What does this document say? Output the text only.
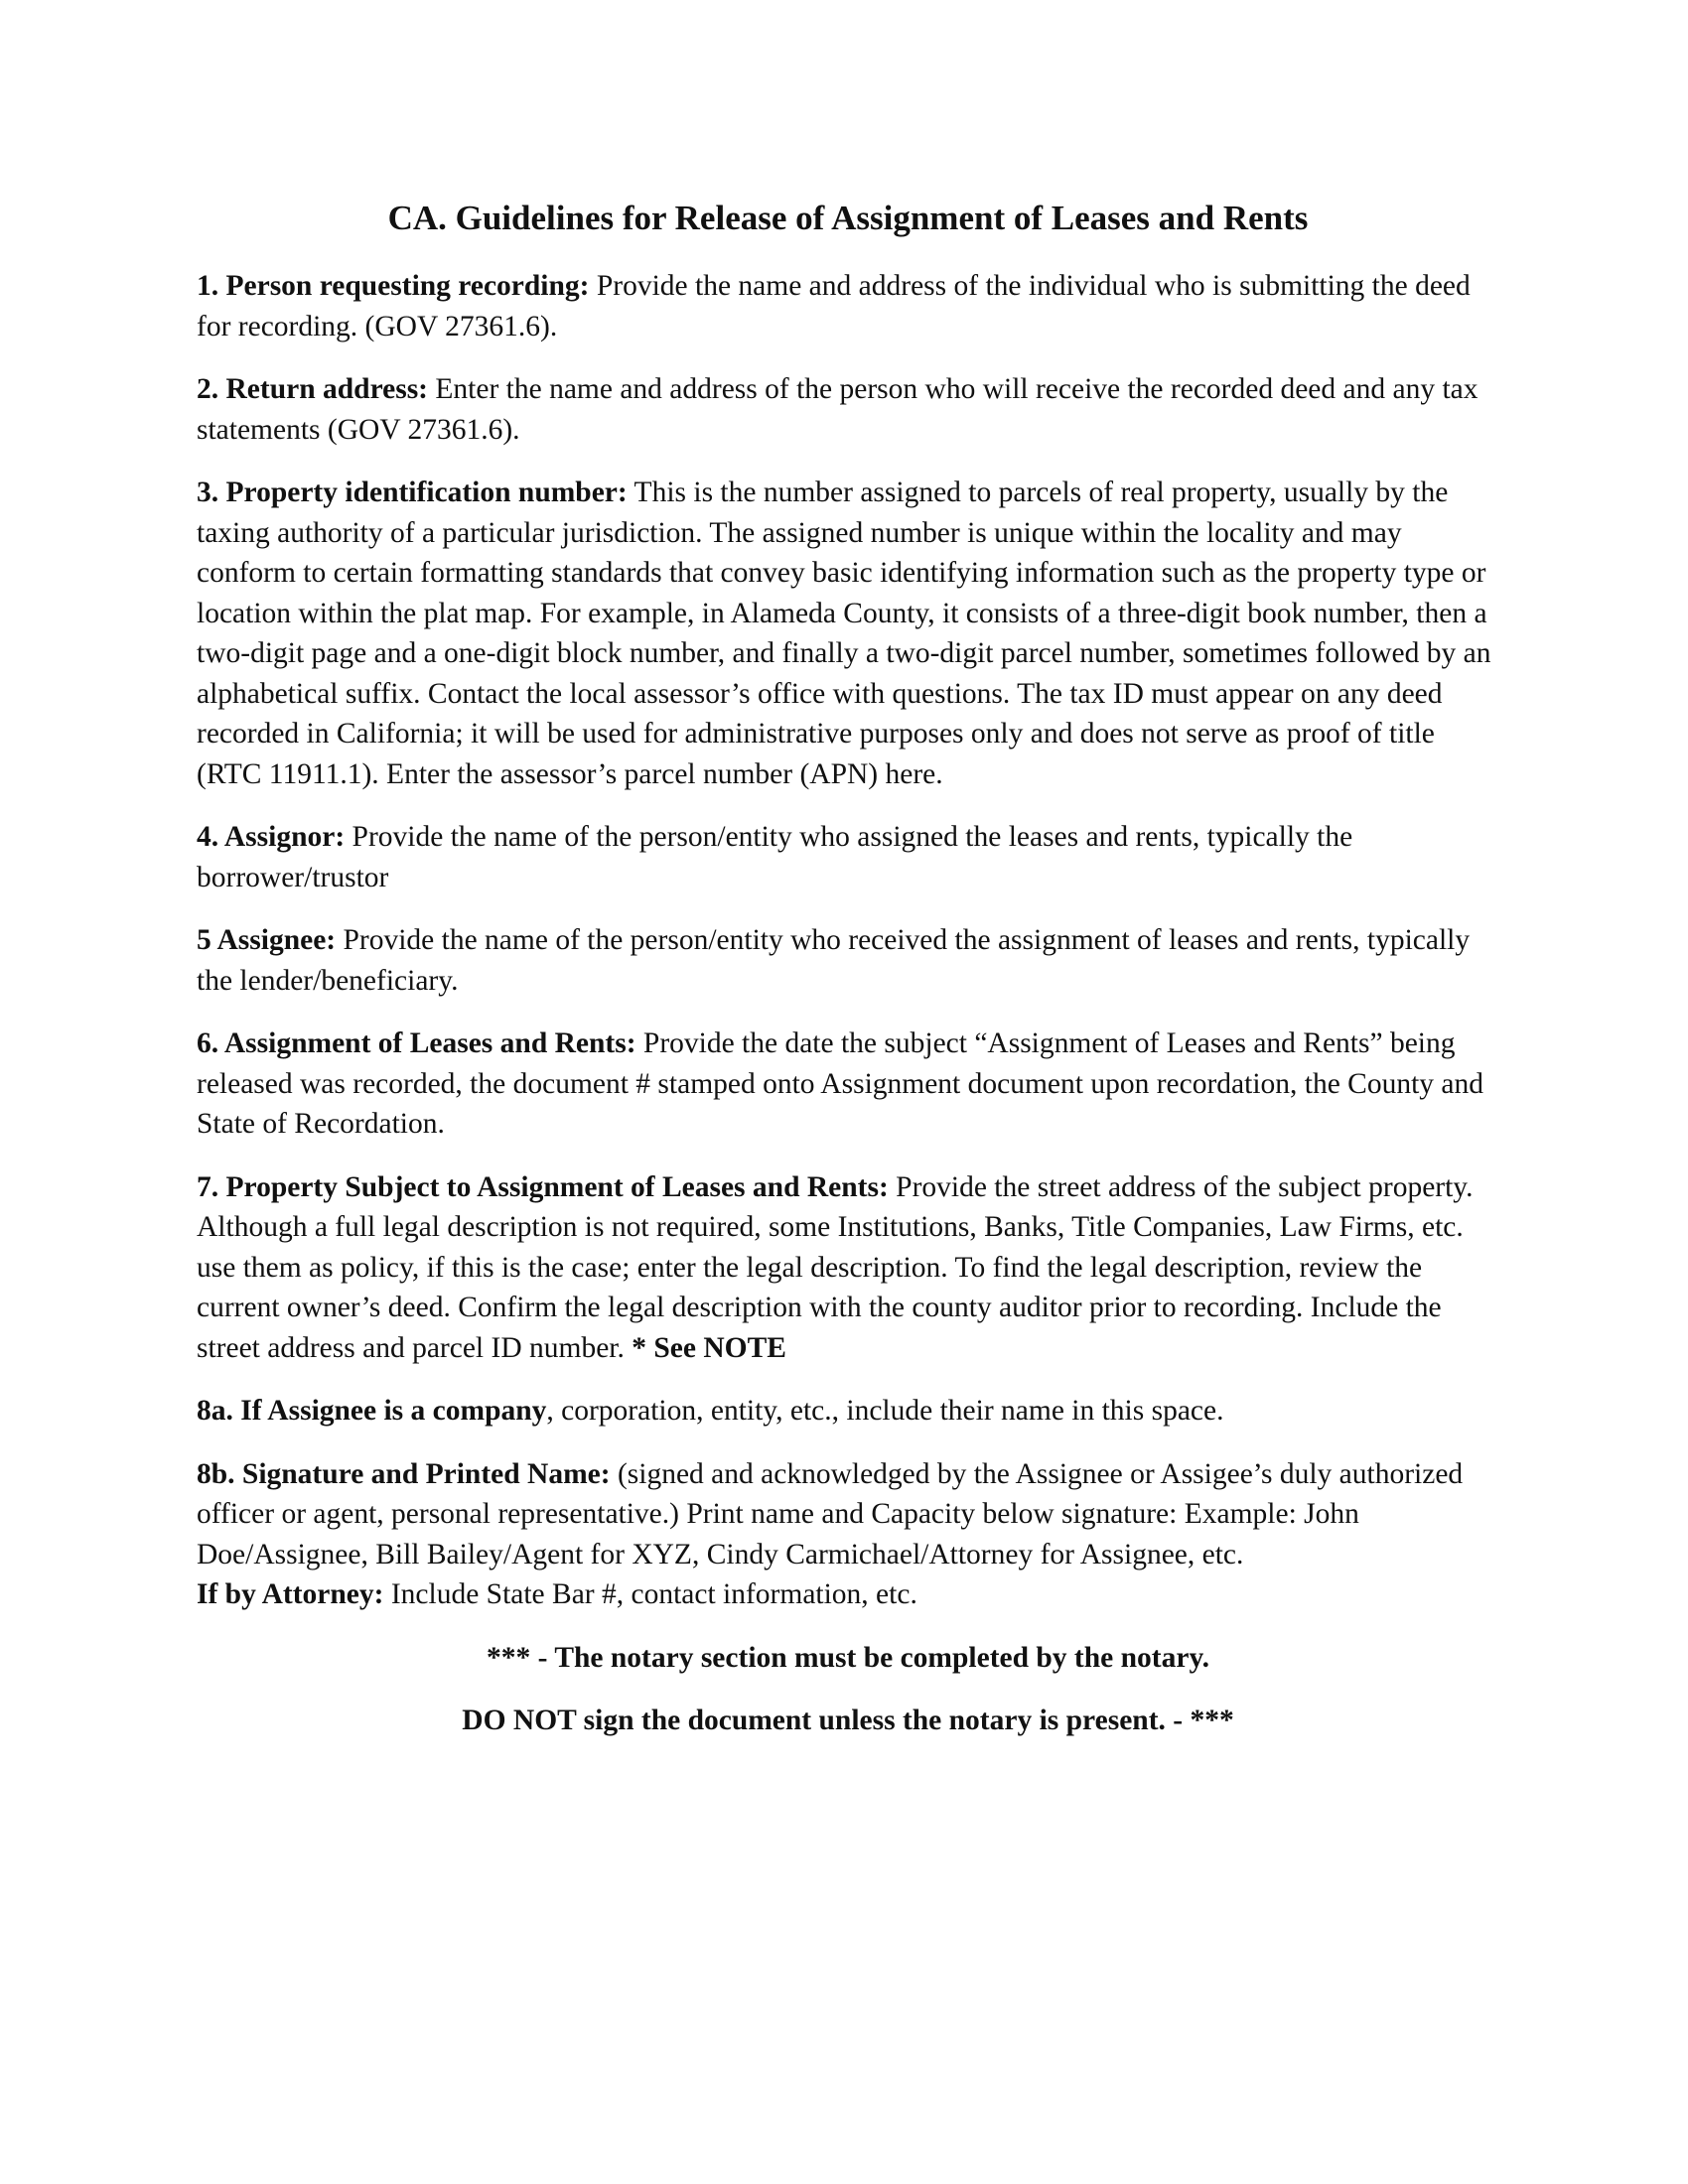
CA. Guidelines for Release of Assignment of Leases and Rents

1. Person requesting recording: Provide the name and address of the individual who is submitting the deed for recording. (GOV 27361.6).

2. Return address: Enter the name and address of the person who will receive the recorded deed and any tax statements (GOV 27361.6).

3. Property identification number: This is the number assigned to parcels of real property, usually by the taxing authority of a particular jurisdiction. The assigned number is unique within the locality and may conform to certain formatting standards that convey basic identifying information such as the property type or location within the plat map. For example, in Alameda County, it consists of a three-digit book number, then a two-digit page and a one-digit block number, and finally a two-digit parcel number, sometimes followed by an alphabetical suffix. Contact the local assessor’s office with questions. The tax ID must appear on any deed recorded in California; it will be used for administrative purposes only and does not serve as proof of title (RTC 11911.1). Enter the assessor’s parcel number (APN) here.

4. Assignor: Provide the name of the person/entity who assigned the leases and rents, typically the borrower/trustor

5 Assignee: Provide the name of the person/entity who received the assignment of leases and rents, typically the lender/beneficiary.

6. Assignment of Leases and Rents: Provide the date the subject “Assignment of Leases and Rents” being released was recorded, the document # stamped onto Assignment document upon recordation, the County and State of Recordation.

7. Property Subject to Assignment of Leases and Rents: Provide the street address of the subject property. Although a full legal description is not required, some Institutions, Banks, Title Companies, Law Firms, etc. use them as policy, if this is the case; enter the legal description. To find the legal description, review the current owner’s deed. Confirm the legal description with the county auditor prior to recording. Include the street address and parcel ID number. * See NOTE

8a. If Assignee is a company, corporation, entity, etc., include their name in this space.

8b. Signature and Printed Name: (signed and acknowledged by the Assignee or Assigee’s duly authorized officer or agent, personal representative.) Print name and Capacity below signature: Example: John Doe/Assignee, Bill Bailey/Agent for XYZ, Cindy Carmichael/Attorney for Assignee, etc.

If by Attorney: Include State Bar #, contact information, etc.

*** - The notary section must be completed by the notary.

DO NOT sign the document unless the notary is present. - ***
